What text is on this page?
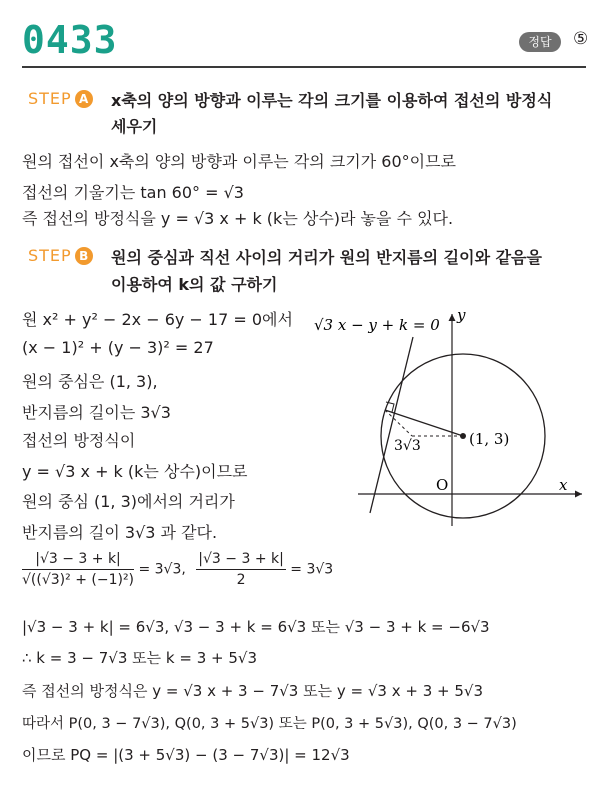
0433	정답	⑤
STEP A x축의 양의 방향과 이루는 각의 크기를 이용하여 접선의 방정식
세우기
원의 접선이 x축의 양의 방향과 이루는 각의 크기가 60°이므로
접선의 기울기는 tan 60° = √3
즉 접선의 방정식을 y = √3 x + k (k는 상수)라 놓을 수 있다.
STEP B 원의 중심과 직선 사이의 거리가 원의 반지름의 길이와 같음을
이용하여 k의 값 구하기
원 x² + y² − 2x − 6y − 17 = 0에서
(x − 1)² + (y − 3)² = 27
원의 중심은 (1, 3),
반지름의 길이는 3√3
접선의 방정식이
y = √3 x + k (k는 상수)이므로
원의 중심 (1, 3)에서의 거리가
반지름의 길이 3√3 과 같다.
$\frac{|√3 - 3 + k|}{\text{√((√3)² + (−1)²)}} = 3√3$, $\frac{|√3 - 3 + k|}{2} = 3√3$
|√3 − 3 + k| = 6√3, √3 − 3 + k = 6√3 또는 √3 − 3 + k = −6√3
∴ k = 3 − 7√3 또는 k = 3 + 5√3
즉 접선의 방정식은 y = √3 x + 3 − 7√3 또는 y = √3 x + 3 + 5√3
따라서 P(0, 3 − 7√3), Q(0, 3 + 5√3) 또는 P(0, 3 + 5√3), Q(0, 3 − 7√3)
이므로 PQ = |(3 + 5√3) − (3 − 7√3)| = 12√3
√3 x − y + k = 0
y
x
O
(1, 3)
3√3
